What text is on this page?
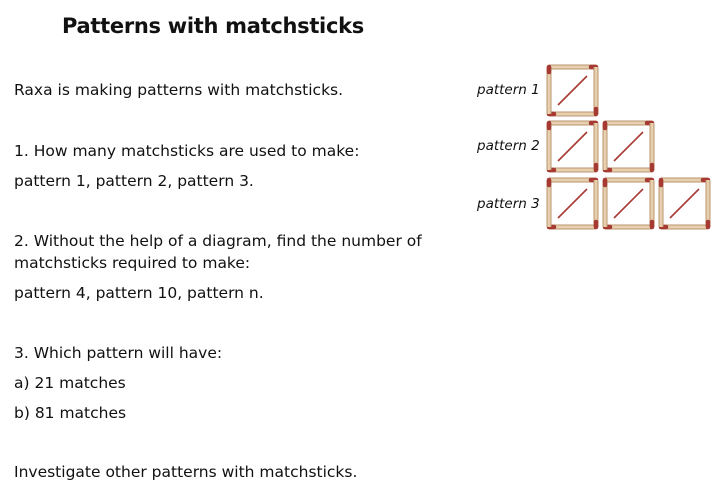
Patterns with matchsticks
Raxa is making patterns with matchsticks.
1. How many matchsticks are used to make:
pattern 1, pattern 2, pattern 3.
2. Without the help of a diagram, find the number of
matchsticks required to make:
pattern 4, pattern 10, pattern n.
3. Which pattern will have:
a) 21 matches
b) 81 matches
Investigate other patterns with matchsticks.
pattern 1
pattern 2
pattern 3
